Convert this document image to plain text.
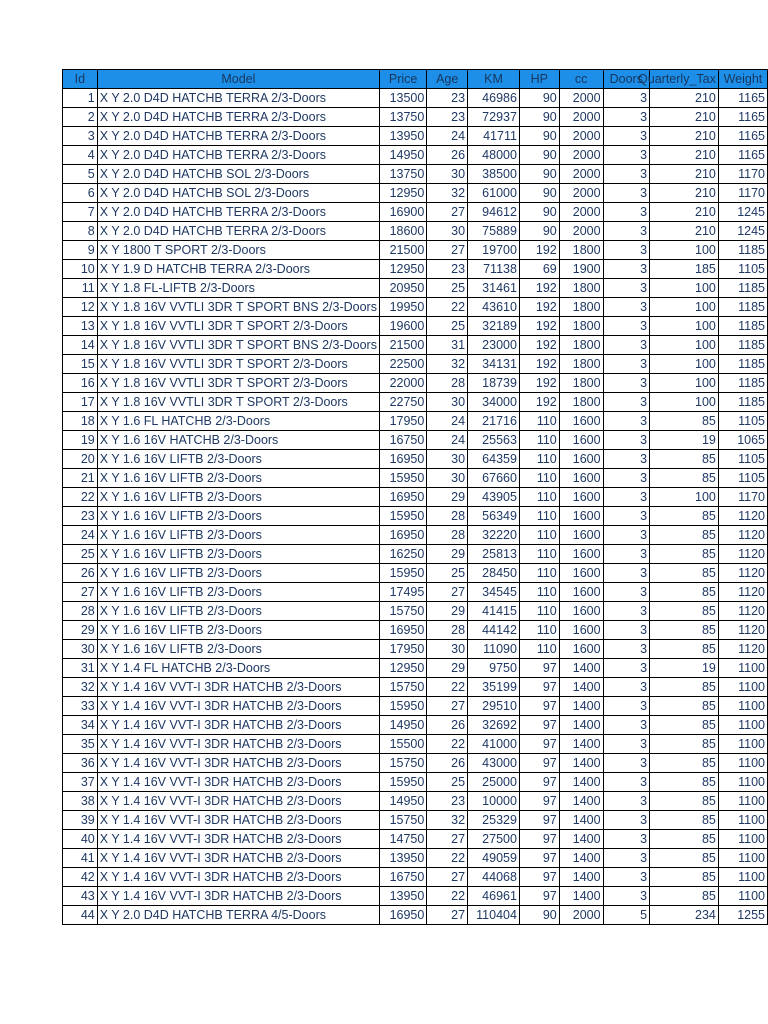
Id	Model	Price	Age	KM	HP	cc	Doors	Quarterly_Tax	Weight
1	X Y 2.0 D4D HATCHB TERRA 2/3-Doors	13500	23	46986	90	2000	3	210	1165
2	X Y 2.0 D4D HATCHB TERRA 2/3-Doors	13750	23	72937	90	2000	3	210	1165
3	X Y 2.0 D4D HATCHB TERRA 2/3-Doors	13950	24	41711	90	2000	3	210	1165
4	X Y 2.0 D4D HATCHB TERRA 2/3-Doors	14950	26	48000	90	2000	3	210	1165
5	X Y 2.0 D4D HATCHB SOL 2/3-Doors	13750	30	38500	90	2000	3	210	1170
6	X Y 2.0 D4D HATCHB SOL 2/3-Doors	12950	32	61000	90	2000	3	210	1170
7	X Y 2.0 D4D HATCHB TERRA 2/3-Doors	16900	27	94612	90	2000	3	210	1245
8	X Y 2.0 D4D HATCHB TERRA 2/3-Doors	18600	30	75889	90	2000	3	210	1245
9	X Y 1800 T SPORT 2/3-Doors	21500	27	19700	192	1800	3	100	1185
10	X Y 1.9 D HATCHB TERRA 2/3-Doors	12950	23	71138	69	1900	3	185	1105
11	X Y 1.8 FL-LIFTB 2/3-Doors	20950	25	31461	192	1800	3	100	1185
12	X Y 1.8 16V VVTLI 3DR T SPORT BNS 2/3-Doors	19950	22	43610	192	1800	3	100	1185
13	X Y 1.8 16V VVTLI 3DR T SPORT 2/3-Doors	19600	25	32189	192	1800	3	100	1185
14	X Y 1.8 16V VVTLI 3DR T SPORT BNS 2/3-Doors	21500	31	23000	192	1800	3	100	1185
15	X Y 1.8 16V VVTLI 3DR T SPORT 2/3-Doors	22500	32	34131	192	1800	3	100	1185
16	X Y 1.8 16V VVTLI 3DR T SPORT 2/3-Doors	22000	28	18739	192	1800	3	100	1185
17	X Y 1.8 16V VVTLI 3DR T SPORT 2/3-Doors	22750	30	34000	192	1800	3	100	1185
18	X Y 1.6 FL HATCHB 2/3-Doors	17950	24	21716	110	1600	3	85	1105
19	X Y 1.6 16V HATCHB 2/3-Doors	16750	24	25563	110	1600	3	19	1065
20	X Y 1.6 16V LIFTB 2/3-Doors	16950	30	64359	110	1600	3	85	1105
21	X Y 1.6 16V LIFTB 2/3-Doors	15950	30	67660	110	1600	3	85	1105
22	X Y 1.6 16V LIFTB 2/3-Doors	16950	29	43905	110	1600	3	100	1170
23	X Y 1.6 16V LIFTB 2/3-Doors	15950	28	56349	110	1600	3	85	1120
24	X Y 1.6 16V LIFTB 2/3-Doors	16950	28	32220	110	1600	3	85	1120
25	X Y 1.6 16V LIFTB 2/3-Doors	16250	29	25813	110	1600	3	85	1120
26	X Y 1.6 16V LIFTB 2/3-Doors	15950	25	28450	110	1600	3	85	1120
27	X Y 1.6 16V LIFTB 2/3-Doors	17495	27	34545	110	1600	3	85	1120
28	X Y 1.6 16V LIFTB 2/3-Doors	15750	29	41415	110	1600	3	85	1120
29	X Y 1.6 16V LIFTB 2/3-Doors	16950	28	44142	110	1600	3	85	1120
30	X Y 1.6 16V LIFTB 2/3-Doors	17950	30	11090	110	1600	3	85	1120
31	X Y 1.4 FL HATCHB 2/3-Doors	12950	29	9750	97	1400	3	19	1100
32	X Y 1.4 16V VVT-I 3DR HATCHB 2/3-Doors	15750	22	35199	97	1400	3	85	1100
33	X Y 1.4 16V VVT-I 3DR HATCHB 2/3-Doors	15950	27	29510	97	1400	3	85	1100
34	X Y 1.4 16V VVT-I 3DR HATCHB 2/3-Doors	14950	26	32692	97	1400	3	85	1100
35	X Y 1.4 16V VVT-I 3DR HATCHB 2/3-Doors	15500	22	41000	97	1400	3	85	1100
36	X Y 1.4 16V VVT-I 3DR HATCHB 2/3-Doors	15750	26	43000	97	1400	3	85	1100
37	X Y 1.4 16V VVT-I 3DR HATCHB 2/3-Doors	15950	25	25000	97	1400	3	85	1100
38	X Y 1.4 16V VVT-I 3DR HATCHB 2/3-Doors	14950	23	10000	97	1400	3	85	1100
39	X Y 1.4 16V VVT-I 3DR HATCHB 2/3-Doors	15750	32	25329	97	1400	3	85	1100
40	X Y 1.4 16V VVT-I 3DR HATCHB 2/3-Doors	14750	27	27500	97	1400	3	85	1100
41	X Y 1.4 16V VVT-I 3DR HATCHB 2/3-Doors	13950	22	49059	97	1400	3	85	1100
42	X Y 1.4 16V VVT-I 3DR HATCHB 2/3-Doors	16750	27	44068	97	1400	3	85	1100
43	X Y 1.4 16V VVT-I 3DR HATCHB 2/3-Doors	13950	22	46961	97	1400	3	85	1100
44	X Y 2.0 D4D HATCHB TERRA 4/5-Doors	16950	27	110404	90	2000	5	234	1255
